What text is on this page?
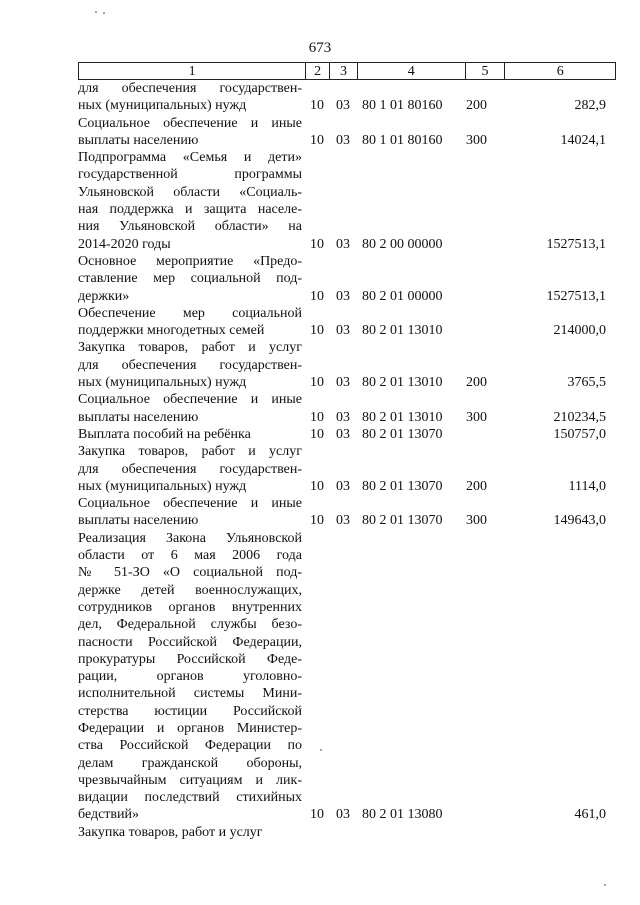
673
1	2	3	4	5	6
для обеспечения государствен-
ных (муниципальных) нужд	10 03 80 1 01 80160	200	282,9
Социальное обеспечение и иные
выплаты населению	10 03 80 1 01 80160	300	14024,1
Подпрограмма «Семья и дети»
государственной программы
Ульяновской области «Социаль-
ная поддержка и защита населе-
ния Ульяновской области» на
2014-2020 годы	10 03 80 2 00 00000	1527513,1
Основное мероприятие «Предо-
ставление мер социальной под-
держки»	10 03 80 2 01 00000	1527513,1
Обеспечение мер социальной
поддержки многодетных семей	10 03 80 2 01 13010	214000,0
Закупка товаров, работ и услуг
для обеспечения государствен-
ных (муниципальных) нужд	10 03 80 2 01 13010	200	3765,5
Социальное обеспечение и иные
выплаты населению	10 03 80 2 01 13010	300	210234,5
Выплата пособий на ребёнка	10 03 80 2 01 13070	150757,0
Закупка товаров, работ и услуг
для обеспечения государствен-
ных (муниципальных) нужд	10 03 80 2 01 13070	200	1114,0
Социальное обеспечение и иные
выплаты населению	10 03 80 2 01 13070	300	149643,0
Реализация Закона Ульяновской
области от 6 мая 2006 года
№ 51-ЗО «О социальной под-
держке детей военнослужащих,
сотрудников органов внутренних
дел, Федеральной службы безо-
пасности Российской Федерации,
прокуратуры Российской Феде-
рации, органов уголовно-
исполнительной системы Мини-
стерства юстиции Российской
Федерации и органов Министер-
ства Российской Федерации по
делам гражданской обороны,
чрезвычайным ситуациям и лик-
видации последствий стихийных
бедствий»	10 03 80 2 01 13080	461,0
Закупка товаров, работ и услуг
